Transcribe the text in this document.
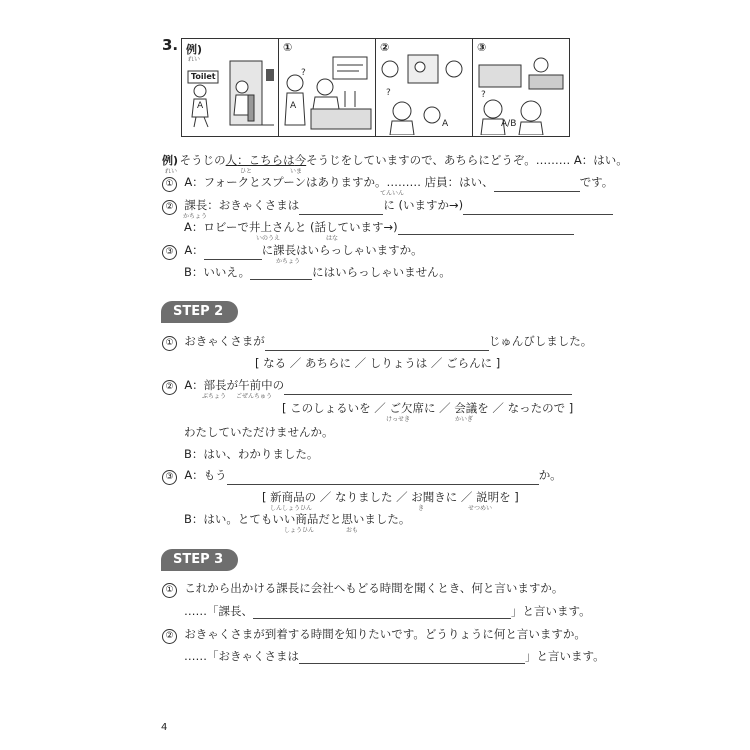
3. 例)
れい
Toilet
A
①
?
A
②
?
A
③
?
A/B
例) そうじの人：こちらは今そうじをしていますので、あちらにどうぞ。……… A：はい。
れい	ひと	いま
① A：フォークとスプーンはありますか。……… 店員：はい、	です。
てんいん
② 課長：おきゃくさまは	に (いますか→)
かちょう
A：ロビーで井上さんと (話しています→)
いのうえ	はな
③ A：	に課長はいらっしゃいますか。
かちょう
B：いいえ。	にはいらっしゃいません。
STEP 2
① おきゃくさまが	じゅんびしました。
[ なる ／ あちらに ／ しりょうは ／ ごらんに ]
② A：部長が午前中の
ぶちょう ごぜんちゅう
[ このしょるいを ／ ご欠席に ／ 会議を ／ なったので ]
けっせき	かいぎ
わたしていただけませんか。
B：はい、わかりました。
③ A：もう	か。
[ 新商品の ／ なりました ／ お聞きに ／ 説明を ]
しんしょうひん	き	せつめい
B：はい。とてもいい商品だと思いました。
しょうひん	おも
STEP 3
① これから出かける課長に会社へもどる時間を聞くとき、何と言いますか。
……「課長、	」と言います。
② おきゃくさまが到着する時間を知りたいです。どうりょうに何と言いますか。
……「おきゃくさまは	」と言います。
4
